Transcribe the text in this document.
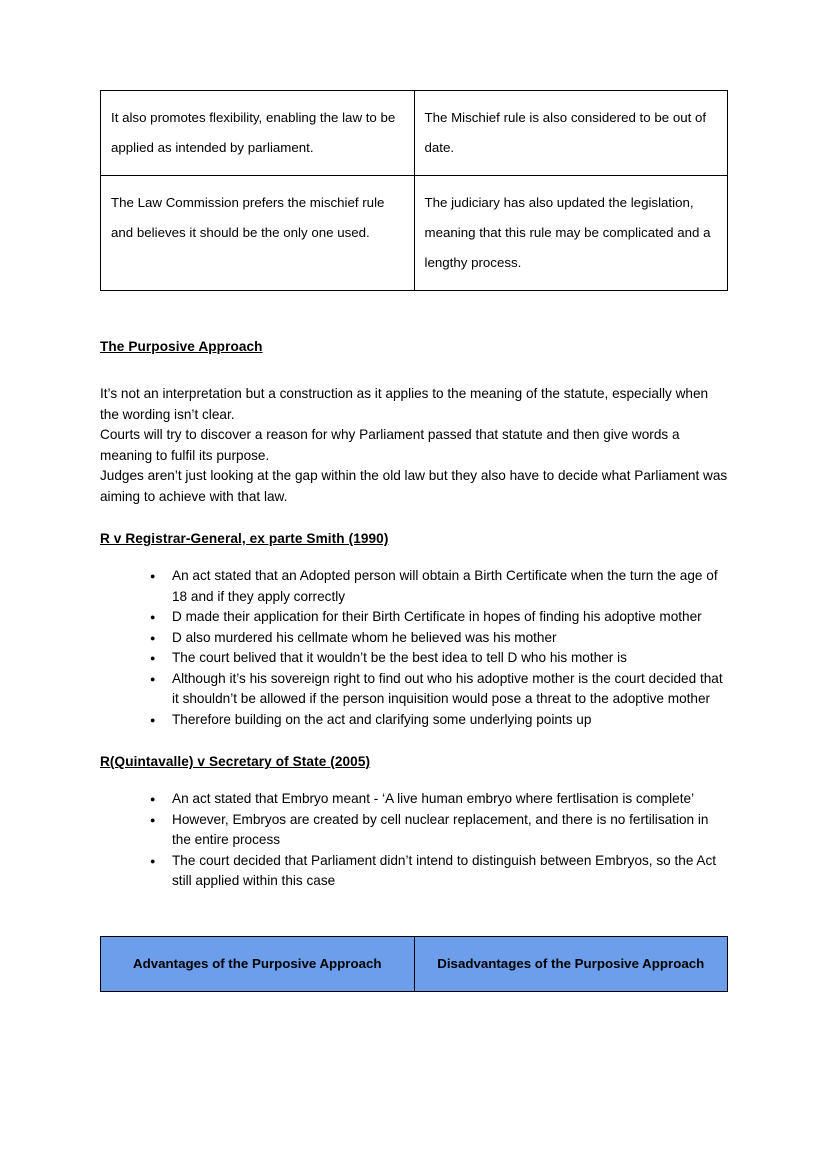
It also promotes flexibility, enabling the law to be applied as intended by parliament.	The Mischief rule is also considered to be out of date.
The Law Commission prefers the mischief rule and believes it should be the only one used.	The judiciary has also updated the legislation, meaning that this rule may be complicated and a lengthy process.
The Purposive Approach

It’s not an interpretation but a construction as it applies to the meaning of the statute, especially when the wording isn’t clear.

Courts will try to discover a reason for why Parliament passed that statute and then give words a meaning to fulfil its purpose.

Judges aren’t just looking at the gap within the old law but they also have to decide what Parliament was aiming to achieve with that law.

R v Registrar-General, ex parte Smith (1990)
● An act stated that an Adopted person will obtain a Birth Certificate when the turn the age of 18 and if they apply correctly
● D made their application for their Birth Certificate in hopes of finding his adoptive mother
● D also murdered his cellmate whom he believed was his mother
● The court belived that it wouldn’t be the best idea to tell D who his mother is
● Although it’s his sovereign right to find out who his adoptive mother is the court decided that it shouldn’t be allowed if the person inquisition would pose a threat to the adoptive mother
● Therefore building on the act and clarifying some underlying points up
R(Quintavalle) v Secretary of State (2005)
● An act stated that Embryo meant - ‘A live human embryo where fertlisation is complete’
● However, Embryos are created by cell nuclear replacement, and there is no fertilisation in the entire process
● The court decided that Parliament didn’t intend to distinguish between Embryos, so the Act still applied within this case
Advantages of the Purposive Approach	Disadvantages of the Purposive Approach
